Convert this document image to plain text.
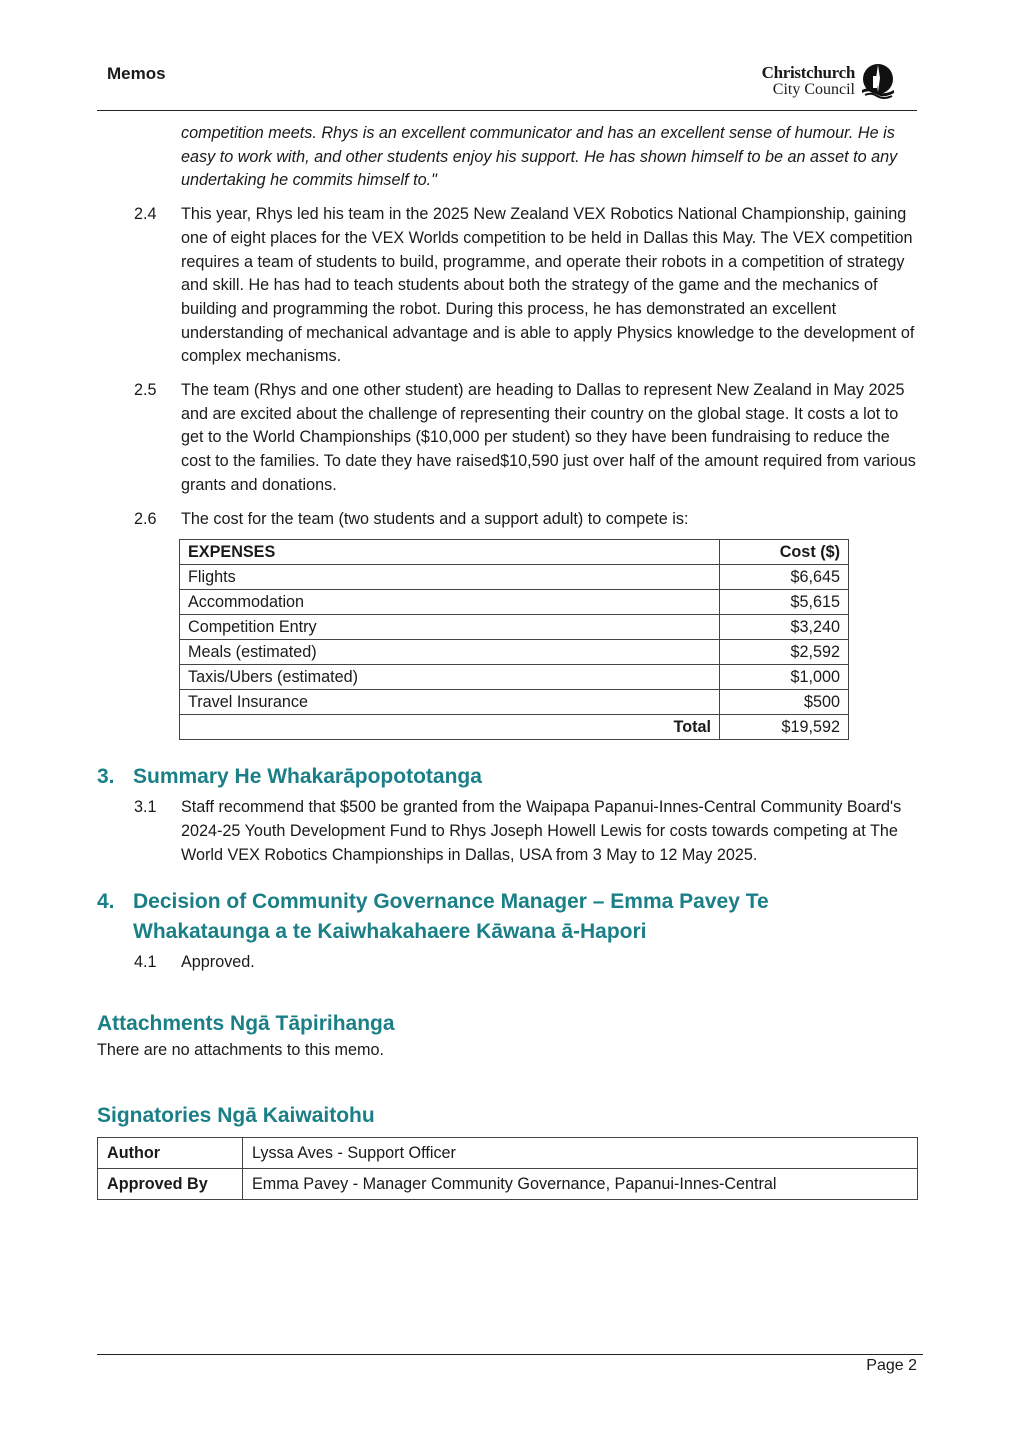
Memos	Christchurch
City Council
competition meets. Rhys is an excellent communicator and has an excellent sense of humour. He is easy to work with, and other students enjoy his support. He has shown himself to be an asset to any undertaking he commits himself to."
2.4	This year, Rhys led his team in the 2025 New Zealand VEX Robotics National Championship, gaining one of eight places for the VEX Worlds competition to be held in Dallas this May. The VEX competition requires a team of students to build, programme, and operate their robots in a competition of strategy and skill. He has had to teach students about both the strategy of the game and the mechanics of building and programming the robot. During this process, he has demonstrated an excellent understanding of mechanical advantage and is able to apply Physics knowledge to the development of complex mechanisms.
2.5	The team (Rhys and one other student) are heading to Dallas to represent New Zealand in May 2025 and are excited about the challenge of representing their country on the global stage. It costs a lot to get to the World Championships ($10,000 per student) so they have been fundraising to reduce the cost to the families. To date they have raised$10,590 just over half of the amount required from various grants and donations.
2.6	The cost for the team (two students and a support adult) to compete is:
EXPENSES	Cost ($)
Flights	$6,645
Accommodation	$5,615
Competition Entry	$3,240
Meals (estimated)	$2,592
Taxis/Ubers (estimated)	$1,000
Travel Insurance	$500
Total	$19,592
3. Summary He Whakarāpopototanga
3.1	Staff recommend that $500 be granted from the Waipapa Papanui-Innes-Central Community Board's 2024-25 Youth Development Fund to Rhys Joseph Howell Lewis for costs towards competing at The World VEX Robotics Championships in Dallas, USA from 3 May to 12 May 2025.
4. Decision of Community Governance Manager – Emma Pavey Te Whakataunga a te Kaiwhakahaere Kāwana ā-Hapori
4.1	Approved.
Attachments Ngā Tāpirihanga
There are no attachments to this memo.
Signatories Ngā Kaiwaitohu
Author	Lyssa Aves - Support Officer
Approved By	Emma Pavey - Manager Community Governance, Papanui-Innes-Central
Page 2
